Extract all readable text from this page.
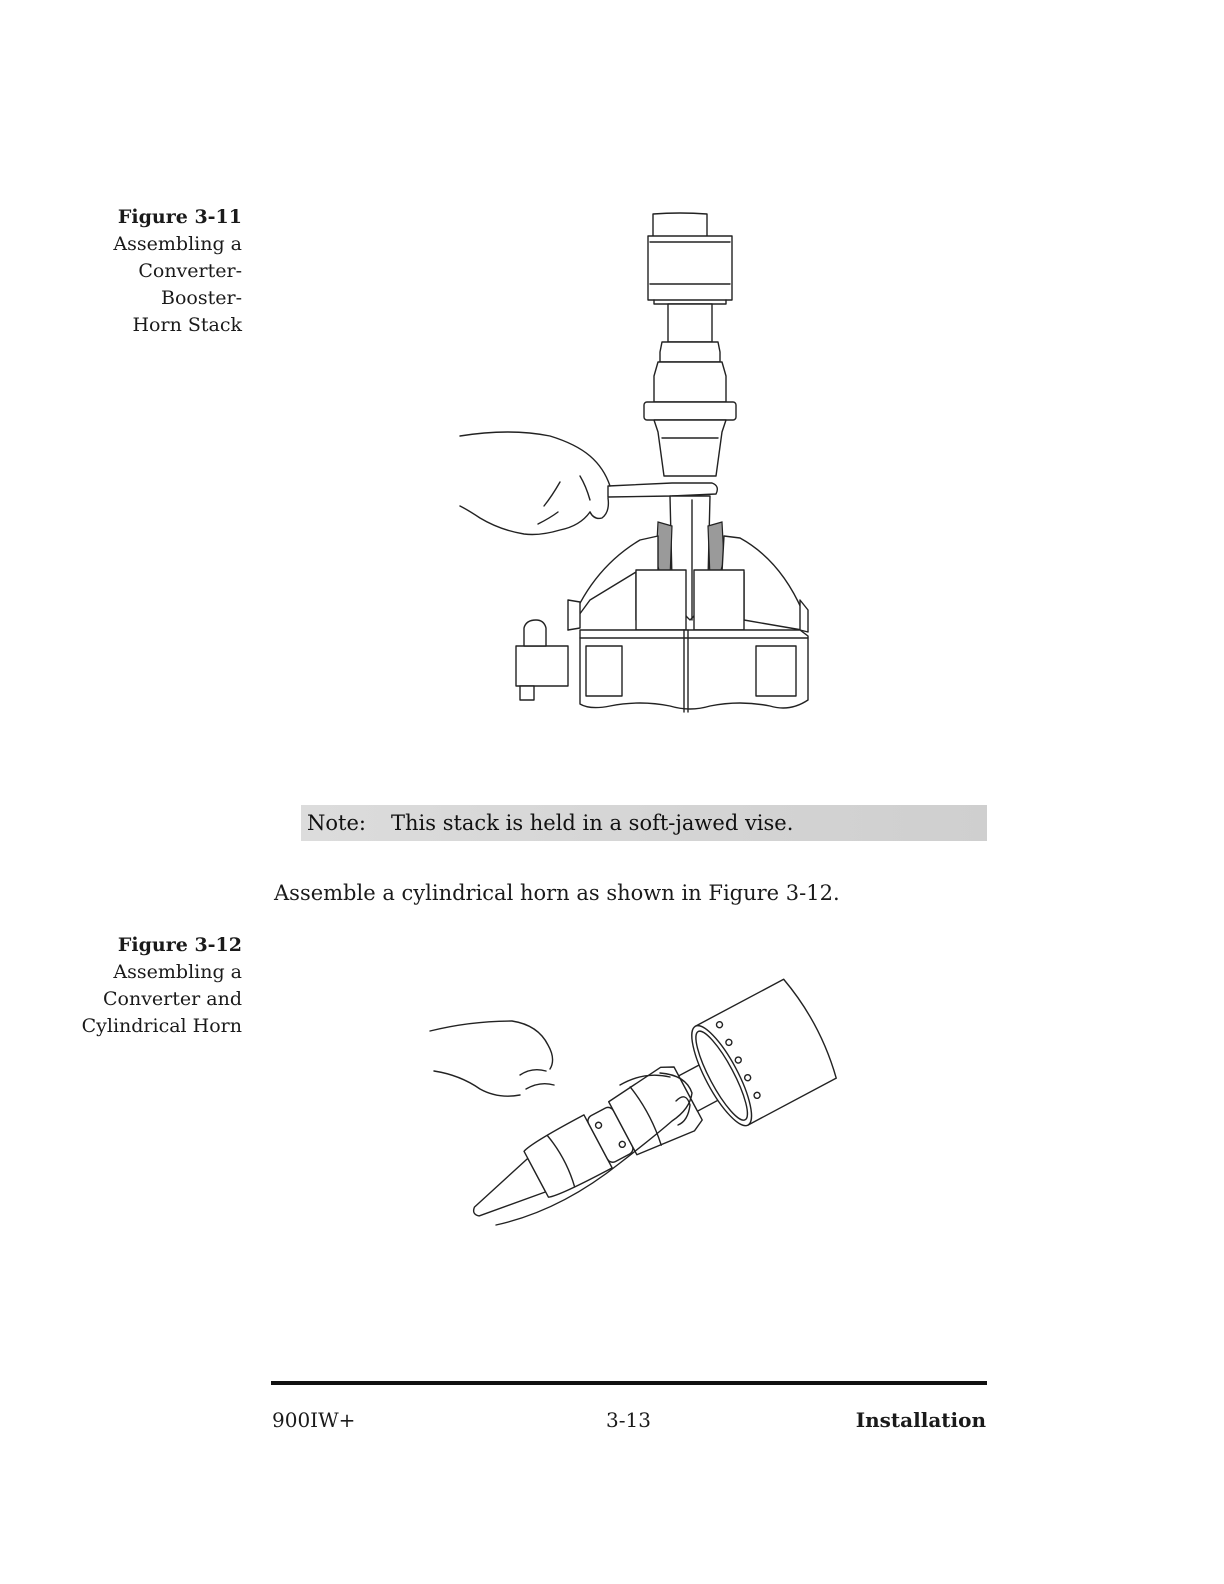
Figure 3-11
Assembling a
Converter-
Booster-
Horn Stack
Note: This stack is held in a soft-jawed vise.
Assemble a cylindrical horn as shown in Figure 3-12.
Figure 3-12
Assembling a
Converter and
Cylindrical Horn
900IW+	3-13	Installation
